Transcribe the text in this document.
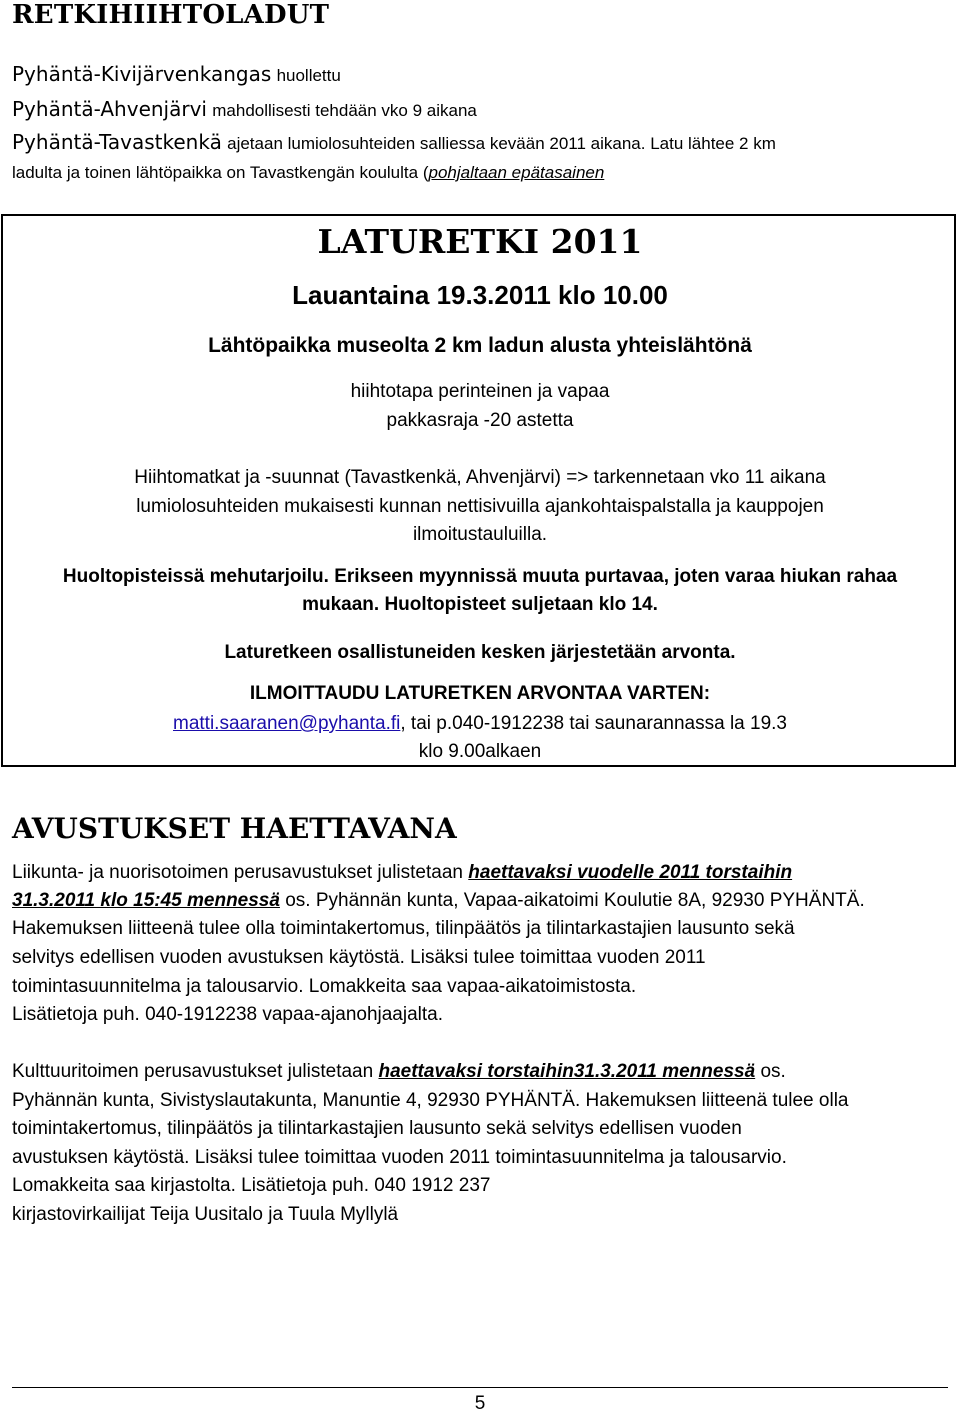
RETKIHIIHTOLADUT
Pyhäntä-Kivijärvenkangas huollettu
Pyhäntä-Ahvenjärvi mahdollisesti tehdään vko 9 aikana
Pyhäntä-Tavastkenkä ajetaan lumiolosuhteiden salliessa kevään 2011 aikana. Latu lähtee 2 km
ladulta ja toinen lähtöpaikka on Tavastkengän koululta (pohjaltaan epätasainen
LATURETKI 2011
Lauantaina 19.3.2011 klo 10.00
Lähtöpaikka museolta 2 km ladun alusta yhteislähtönä
hiihtotapa perinteinen ja vapaa
pakkasraja -20 astetta
Hiihtomatkat ja -suunnat (Tavastkenkä, Ahvenjärvi) => tarkennetaan vko 11 aikana
lumiolosuhteiden mukaisesti kunnan nettisivuilla ajankohtaispalstalla ja kauppojen
ilmoitustauluilla.
Huoltopisteissä mehutarjoilu. Erikseen myynnissä muuta purtavaa, joten varaa hiukan rahaa
mukaan. Huoltopisteet suljetaan klo 14.
Laturetkeen osallistuneiden kesken järjestetään arvonta.
ILMOITTAUDU LATURETKEN ARVONTAA VARTEN:
matti.saaranen@pyhanta.fi, tai p.040-1912238 tai saunarannassa la 19.3
klo 9.00alkaen
AVUSTUKSET HAETTAVANA
Liikunta- ja nuorisotoimen perusavustukset julistetaan haettavaksi vuodelle 2011 torstaihin
31.3.2011 klo 15:45 mennessä os. Pyhännän kunta, Vapaa-aikatoimi Koulutie 8A, 92930 PYHÄNTÄ.
Hakemuksen liitteenä tulee olla toimintakertomus, tilinpäätös ja tilintarkastajien lausunto sekä
selvitys edellisen vuoden avustuksen käytöstä. Lisäksi tulee toimittaa vuoden 2011
toimintasuunnitelma ja talousarvio. Lomakkeita saa vapaa-aikatoimistosta.
Lisätietoja puh. 040-1912238 vapaa-ajanohjaajalta.
Kulttuuritoimen perusavustukset julistetaan haettavaksi torstaihin31.3.2011 mennessä os.
Pyhännän kunta, Sivistyslautakunta, Manuntie 4, 92930 PYHÄNTÄ. Hakemuksen liitteenä tulee olla
toimintakertomus, tilinpäätös ja tilintarkastajien lausunto sekä selvitys edellisen vuoden
avustuksen käytöstä. Lisäksi tulee toimittaa vuoden 2011 toimintasuunnitelma ja talousarvio.
Lomakkeita saa kirjastolta. Lisätietoja puh. 040 1912 237
kirjastovirkailijat Teija Uusitalo ja Tuula Myllylä
5
